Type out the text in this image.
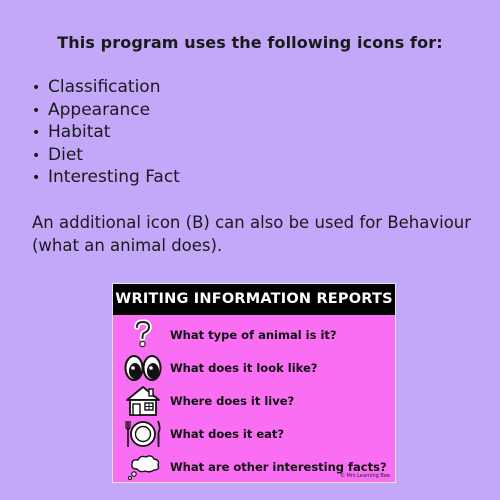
This program uses the following icons for:
• Classification
• Appearance
• Habitat
• Diet
• Interesting Fact
An additional icon (B) can also be used for Behaviour (what an animal does).
WRITING INFORMATION REPORTS
What type of animal is it?
What does it look like?
Where does it live?
What does it eat?
What are other interesting facts?
© Mrs Learning Bee
